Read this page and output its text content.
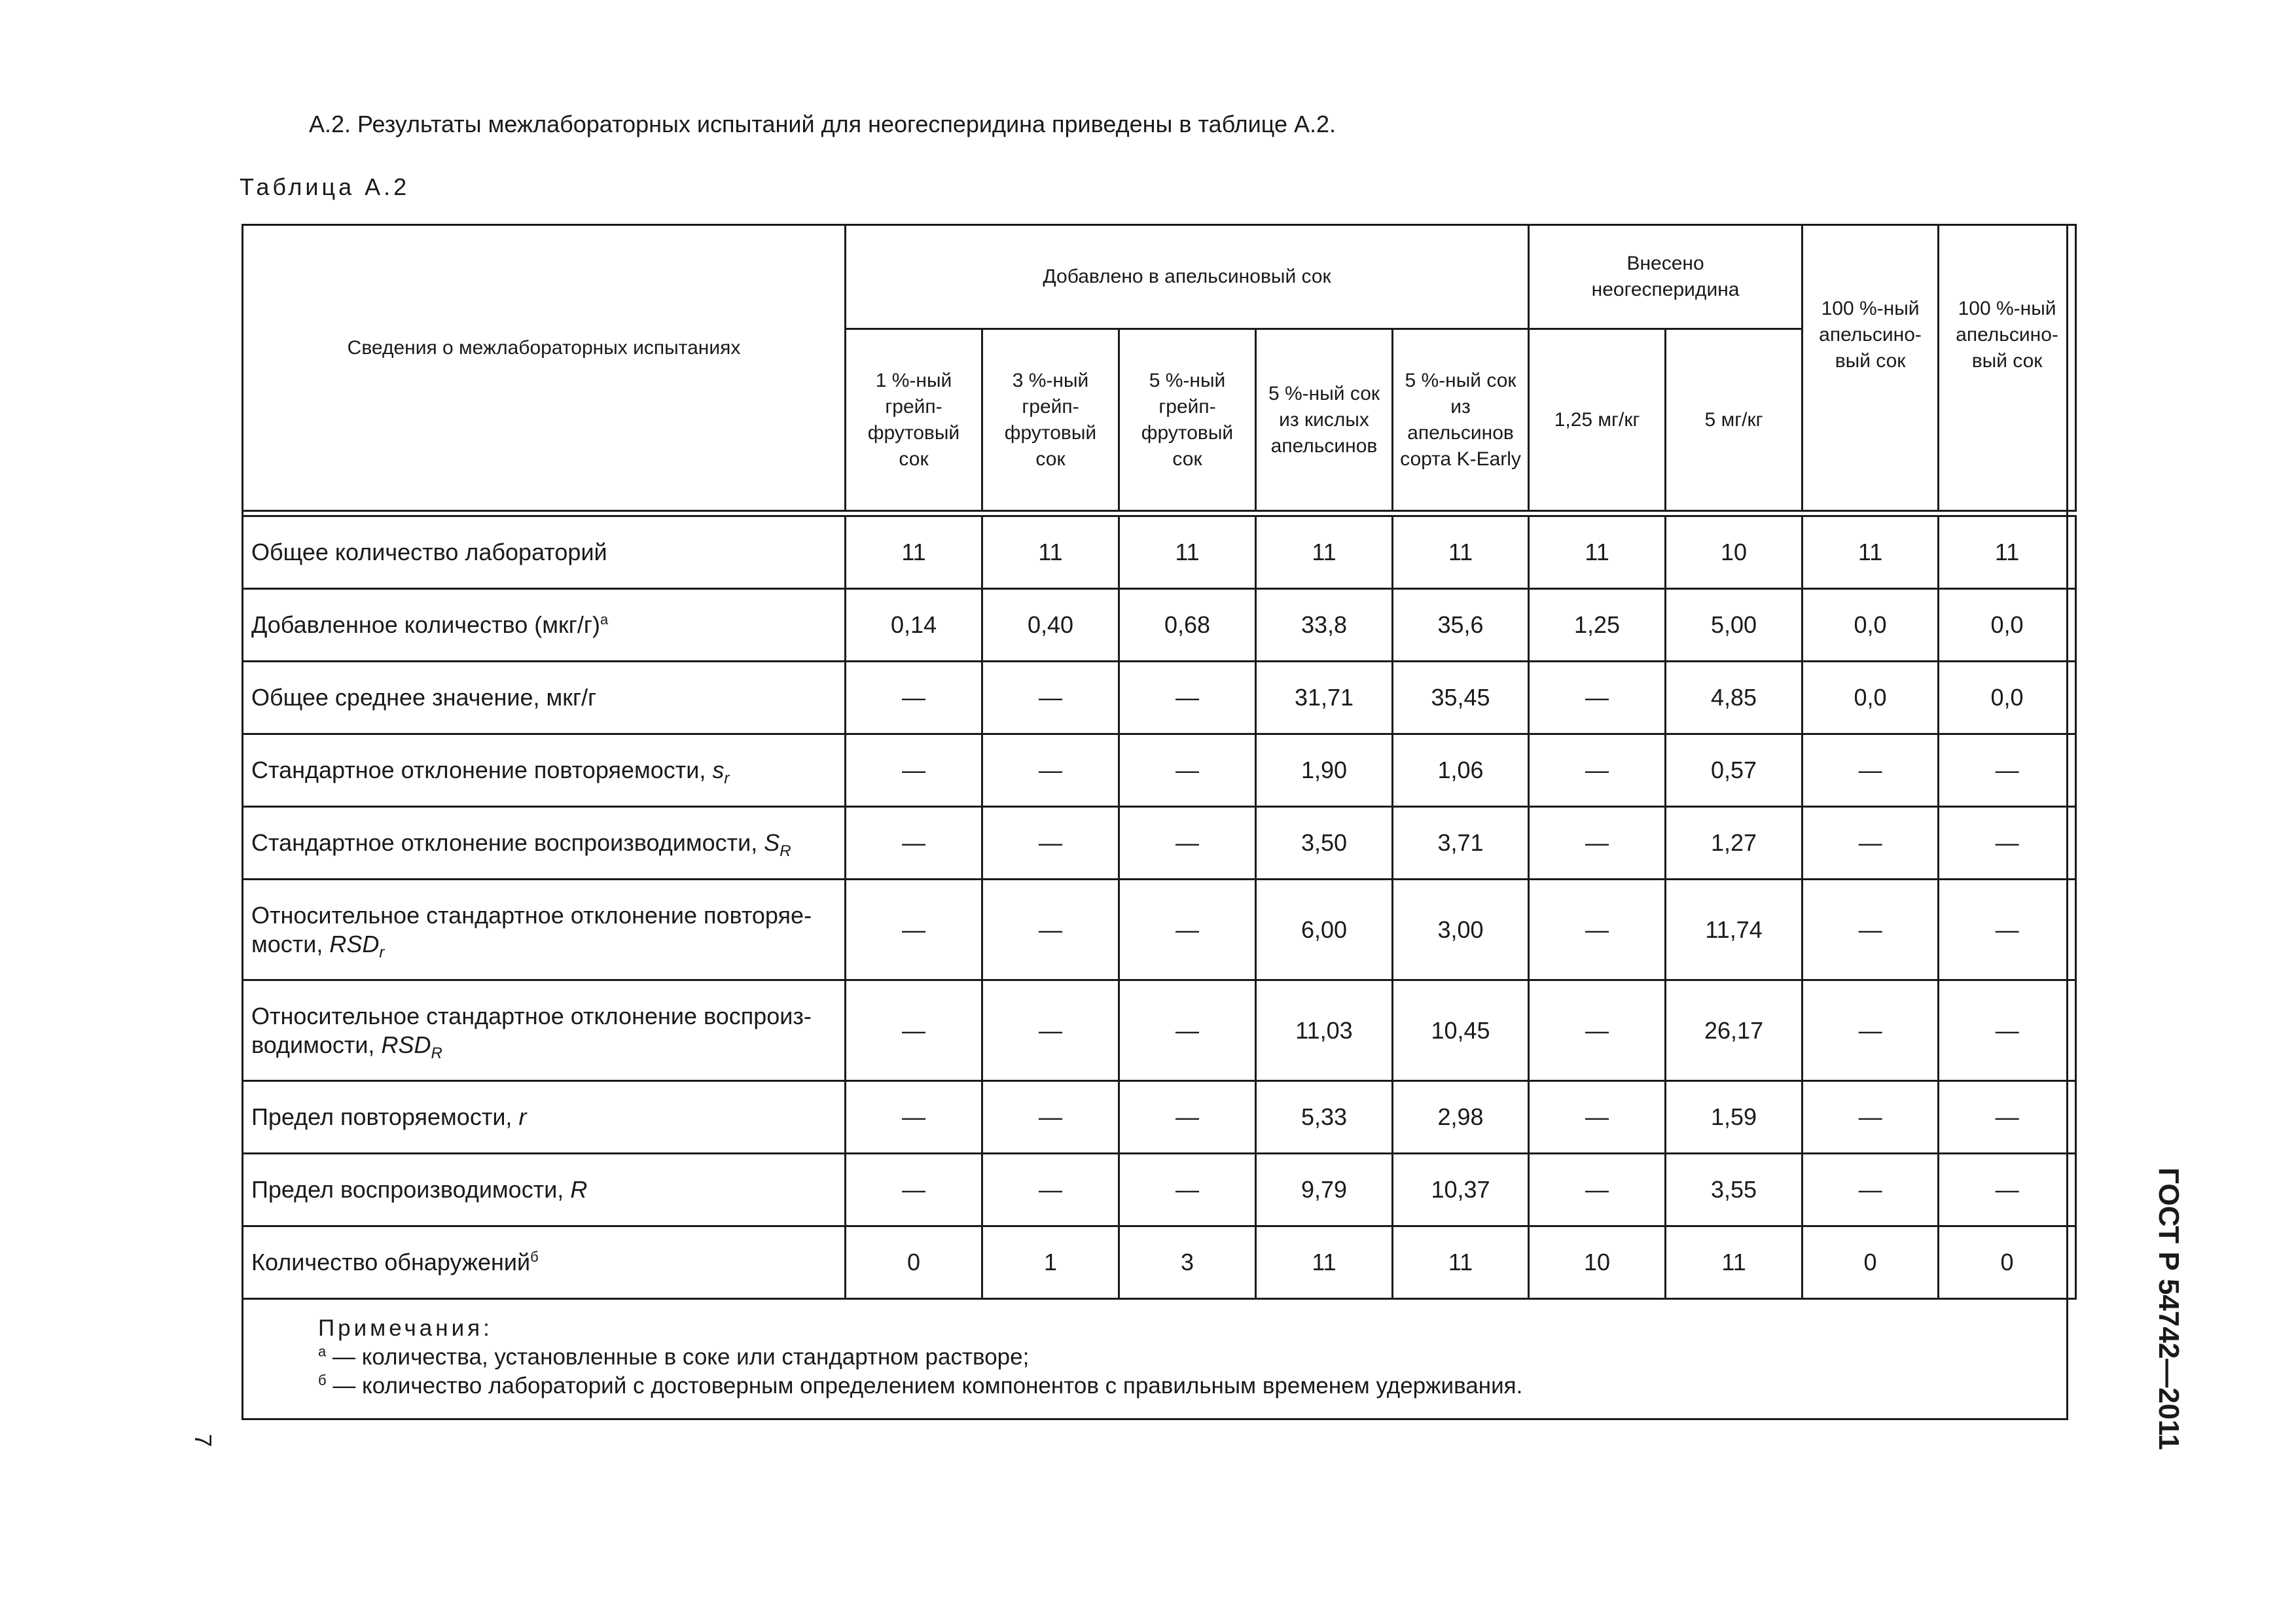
А.2. Результаты межлабораторных испытаний для неогесперидина приведены в таблице А.2.
Таблица А.2
Сведения о межлабораторных испытаниях	Добавлено в апельсиновый сок					Внесено неогесперидина		100 %-ный апельсино-вый сок	100 %-ный апельсино-вый сок
	1 %-ный грейп-фрутовый сок	3 %-ный грейп-фрутовый сок	5 %-ный грейп-фрутовый сок	5 %-ный сок из кислых апельсинов	5 %-ный сок из апельсинов сорта K-Early	1,25 мг/кг	5 мг/кг		

Общее количество лабораторий	11	11	11	11	11	11	10	11	11
Добавленное количество $(мкг/г)^а$	0,14	0,40	0,68	33,8	35,6	1,25	5,00	0,0	0,0
Общее среднее значение, мкг/г	—	—	—	31,71	35,45	—	4,85	0,0	0,0
Стандартное отклонение повторяемости, $s_r$	—	—	—	1,90	1,06	—	0,57	—	—
Стандартное отклонение воспроизводимости, $S_R$	—	—	—	3,50	3,71	—	1,27	—	—
Относительное стандартное отклонение повторяе-мости, $RSD_r$	—	—	—	6,00	3,00	—	11,74	—	—
Относительное стандартное отклонение воспроиз-водимости, $RSD_R$	—	—	—	11,03	10,45	—	26,17	—	—
Предел повторяемости, r	—	—	—	5,33	2,98	—	1,59	—	—
Предел воспроизводимости, R	—	—	—	9,79	10,37	—	3,55	—	—
Количество обнаружений$^б$	0	1	3	11	11	10	11	0	0
Примечания:
$^а$ — количества, установленные в соке или стандартном растворе;
$^б$ — количество лабораторий с достоверным определением компонентов с правильным временем удерживания.	ГОСТ Р 54742—2011
7
